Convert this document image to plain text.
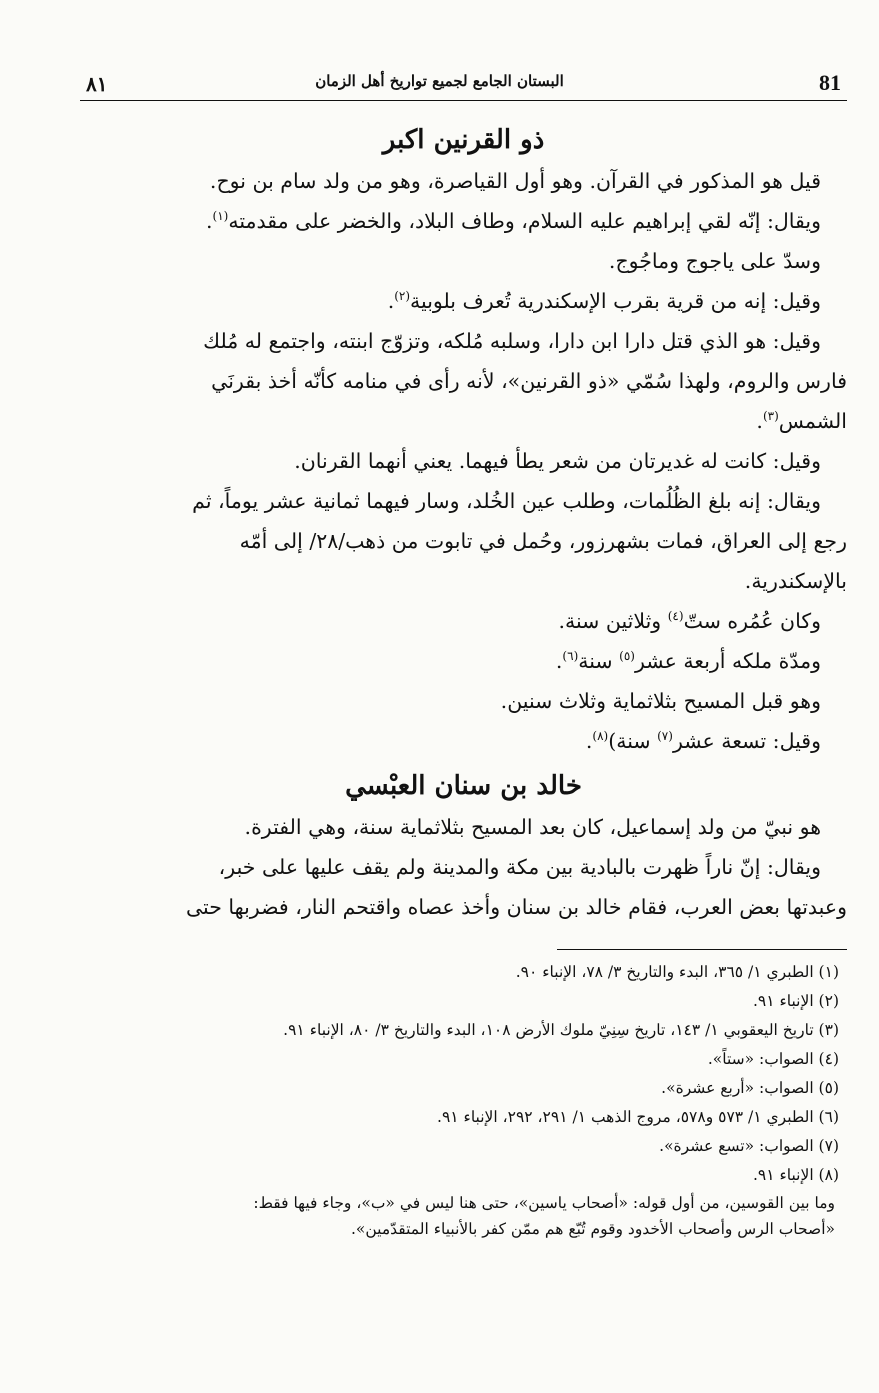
81
٨١	البستان الجامع لجميع تواريخ أهل الزمان
ذو القرنين اكبر

قيل هو المذكور في القرآن. وهو أول القياصرة، وهو من ولد سام بن نوح.

ويقال: إنّه لقي إبراهيم عليه السلام، وطاف البلاد، والخضر على مقدمته$^{(١)}$.

وسدّ على ياجوج وماجُوج.

وقيل: إنه من قرية بقرب الإسكندرية تُعرف بلوبية$^{(٢)}$.

وقيل: هو الذي قتل دارا ابن دارا، وسلبه مُلكه، وتزوّج ابنته، واجتمع له مُلك

فارس والروم، ولهذا سُمّي «ذو القرنين»، لأنه رأى في منامه كأنّه أخذ بقرنَي

الشمس$^{(٣)}$.

وقيل: كانت له غديرتان من شعر يطأ فيهما. يعني أنهما القرنان.

ويقال: إنه بلغ الظُلُمات، وطلب عين الخُلد، وسار فيهما ثمانية عشر يوماً، ثم

رجع إلى العراق، فمات بشهرزور، وحُمل في تابوت من ذهب/٢٨/ إلى أمّه

بالإسكندرية.

وكان عُمُره ستّ$^{(٤)}$ وثلاثين سنة.

ومدّة ملكه أربعة عشر$^{(٥)}$ سنة$^{(٦)}$.

وهو قبل المسيح بثلاثماية وثلاث سنين.

وقيل: تسعة عشر$^{(٧)}$ سنة)$^{(٨)}$.

خالد بن سنان العبْسي

هو نبيّ من ولد إسماعيل، كان بعد المسيح بثلاثماية سنة، وهي الفترة.

ويقال: إنّ ناراً ظهرت بالبادية بين مكة والمدينة ولم يقف عليها على خبر،

وعبدتها بعض العرب، فقام خالد بن سنان وأخذ عصاه واقتحم النار، فضربها حتى

(١) الطبري ١/ ٣٦٥، البدء والتاريخ ٣/ ٧٨، الإنباء ٩٠.

(٢) الإنباء ٩١.

(٣) تاريخ اليعقوبي ١/ ١٤٣، تاريخ سِنِيّ ملوك الأرض ١٠٨، البدء والتاريخ ٣/ ٨٠، الإنباء ٩١.

(٤) الصواب: «ستاً».

(٥) الصواب: «أربع عشرة».

(٦) الطبري ١/ ٥٧٣ و٥٧٨، مروج الذهب ١/ ٢٩١، ٢٩٢، الإنباء ٩١.

(٧) الصواب: «تسع عشرة».

(٨) الإنباء ٩١.

وما بين القوسين، من أول قوله: «أصحاب ياسين»، حتى هنا ليس في «ب»، وجاء فيها فقط:

«أصحاب الرس وأصحاب الأخدود وقوم تُبّع هم ممّن كفر بالأنبياء المتقدّمين».
